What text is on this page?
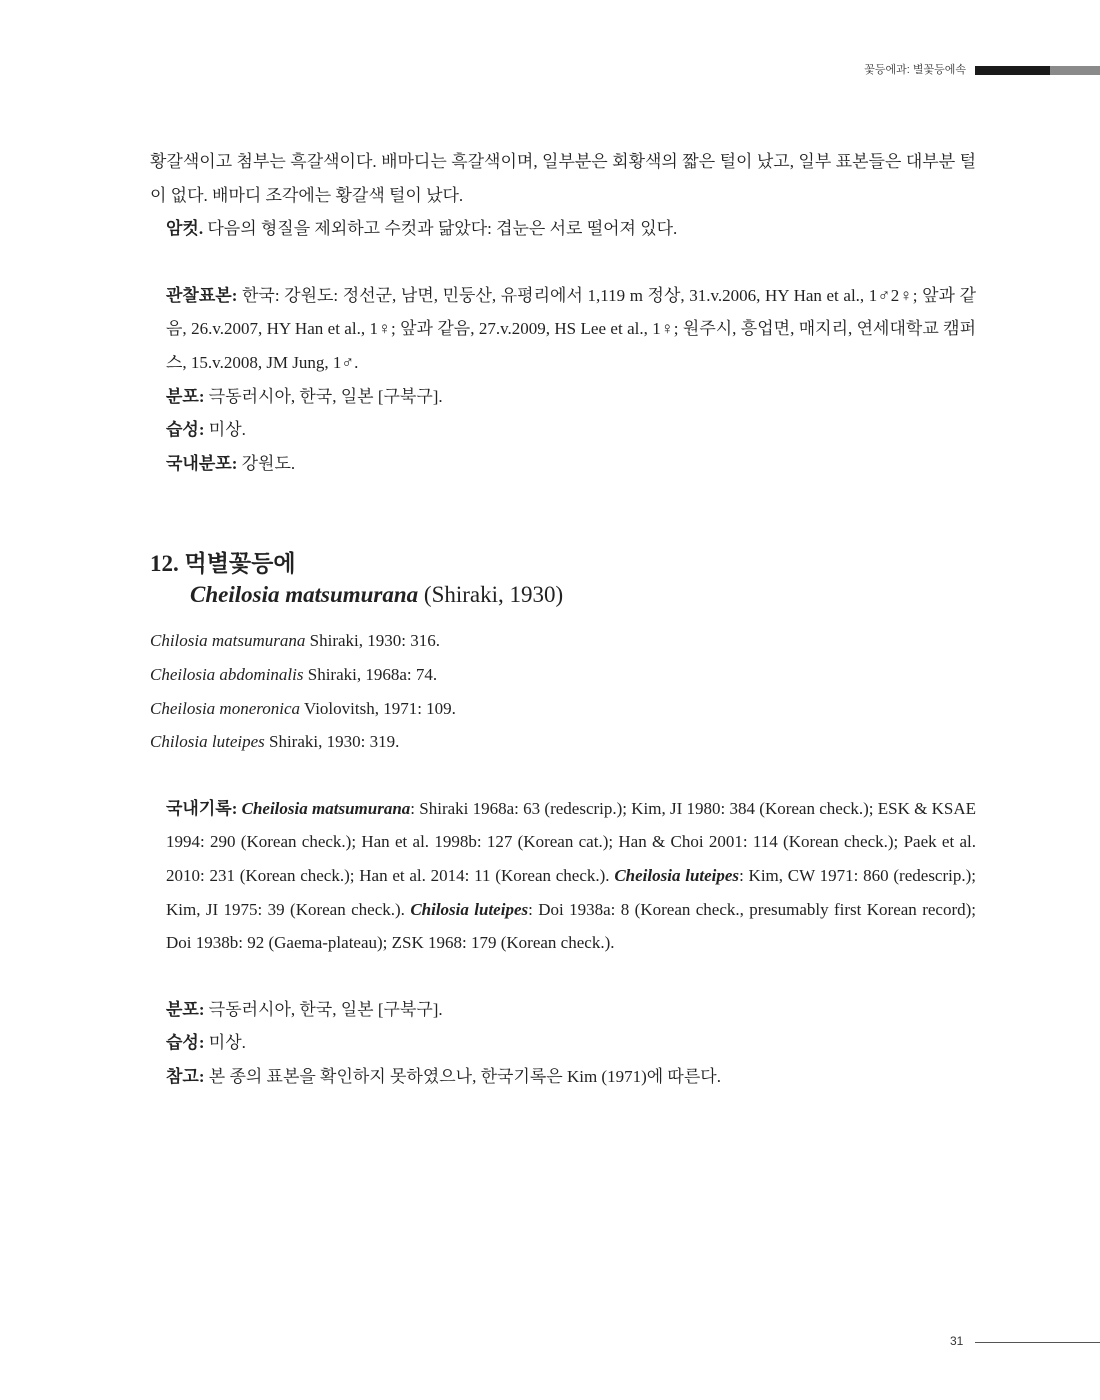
꽃등에과: 별꽃등에속

황갈색이고 첨부는 흑갈색이다. 배마디는 흑갈색이며, 일부분은 회황색의 짧은 털이 났고, 일부 표본들은 대부분 털이 없다. 배마디 조각에는 황갈색 털이 났다.

암컷. 다음의 형질을 제외하고 수컷과 닮았다: 겹눈은 서로 떨어져 있다.

관찰표본: 한국: 강원도: 정선군, 남면, 민둥산, 유평리에서 1,119 m 정상, 31.v.2006, HY Han et al., 1♂2♀; 앞과 같음, 26.v.2007, HY Han et al., 1♀; 앞과 같음, 27.v.2009, HS Lee et al., 1♀; 원주시, 흥업면, 매지리, 연세대학교 캠퍼스, 15.v.2008, JM Jung, 1♂.

분포: 극동러시아, 한국, 일본 [구북구].

습성: 미상.

국내분포: 강원도.

12. 먹별꽃등에

Cheilosia matsumurana (Shiraki, 1930)

Chilosia matsumurana Shiraki, 1930: 316.

Cheilosia abdominalis Shiraki, 1968a: 74.

Cheilosia moneronica Violovitsh, 1971: 109.

Chilosia luteipes Shiraki, 1930: 319.

국내기록: Cheilosia matsumurana: Shiraki 1968a: 63 (redescrip.); Kim, JI 1980: 384 (Korean check.); ESK & KSAE 1994: 290 (Korean check.); Han et al. 1998b: 127 (Korean cat.); Han & Choi 2001: 114 (Korean check.); Paek et al. 2010: 231 (Korean check.); Han et al. 2014: 11 (Korean check.). Cheilosia luteipes: Kim, CW 1971: 860 (redescrip.); Kim, JI 1975: 39 (Korean check.). Chilosia luteipes: Doi 1938a: 8 (Korean check., presumably first Korean record); Doi 1938b: 92 (Gaema-plateau); ZSK 1968: 179 (Korean check.).

분포: 극동러시아, 한국, 일본 [구북구].

습성: 미상.

참고: 본 종의 표본을 확인하지 못하였으나, 한국기록은 Kim (1971)에 따른다.

31
